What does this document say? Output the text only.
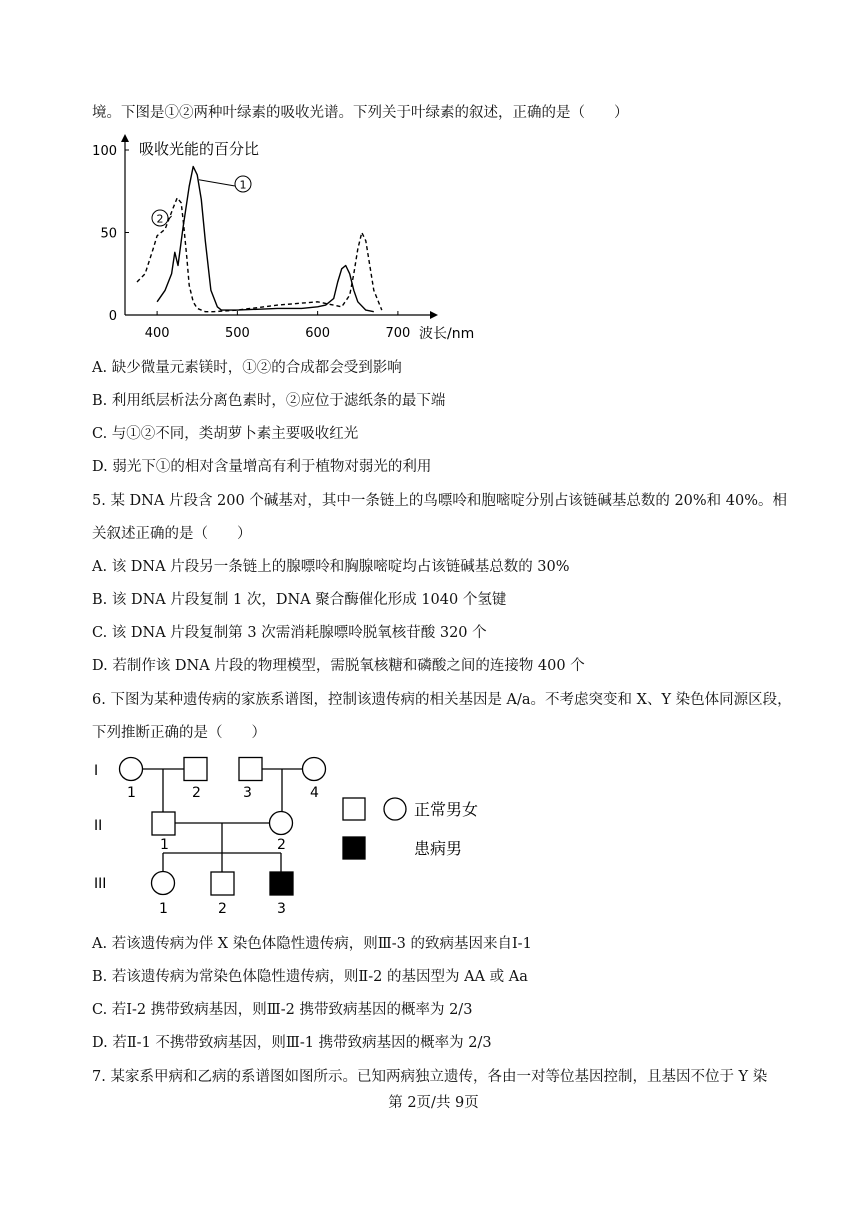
境。下图是①②两种叶绿素的吸收光谱。下列关于叶绿素的叙述，正确的是（　　）
400	500	600	700
0
50
100 吸收光能的百分比
波长/nm
1
2
A. 缺少微量元素镁时，①②的合成都会受到影响
B. 利用纸层析法分离色素时，②应位于滤纸条的最下端
C. 与①②不同，类胡萝卜素主要吸收红光
D. 弱光下①的相对含量增高有利于植物对弱光的利用
5. 某 DNA 片段含 200 个碱基对，其中一条链上的鸟嘌呤和胞嘧啶分别占该链碱基总数的 20%和 40%。相
关叙述正确的是（　　）
A. 该 DNA 片段另一条链上的腺嘌呤和胸腺嘧啶均占该链碱基总数的 30%
B. 该 DNA 片段复制 1 次，DNA 聚合酶催化形成 1040 个氢键
C. 该 DNA 片段复制第 3 次需消耗腺嘌呤脱氧核苷酸 320 个
D. 若制作该 DNA 片段的物理模型，需脱氧核糖和磷酸之间的连接物 400 个
6. 下图为某种遗传病的家族系谱图，控制该遗传病的相关基因是 A/a。不考虑突变和 X、Y 染色体同源区段，
下列推断正确的是（　　）
I
II
III
1	2	3	4
1	2
1	2	3
正常男女
患病男
A. 若该遗传病为伴 X 染色体隐性遗传病，则Ⅲ-3 的致病基因来自Ⅰ-1
B. 若该遗传病为常染色体隐性遗传病，则Ⅱ-2 的基因型为 AA 或 Aa
C. 若Ⅰ-2 携带致病基因，则Ⅲ-2 携带致病基因的概率为 2/3
D. 若Ⅱ-1 不携带致病基因，则Ⅲ-1 携带致病基因的概率为 2/3
7. 某家系甲病和乙病的系谱图如图所示。已知两病独立遗传，各由一对等位基因控制，且基因不位于 Y 染
第 2页/共 9页
